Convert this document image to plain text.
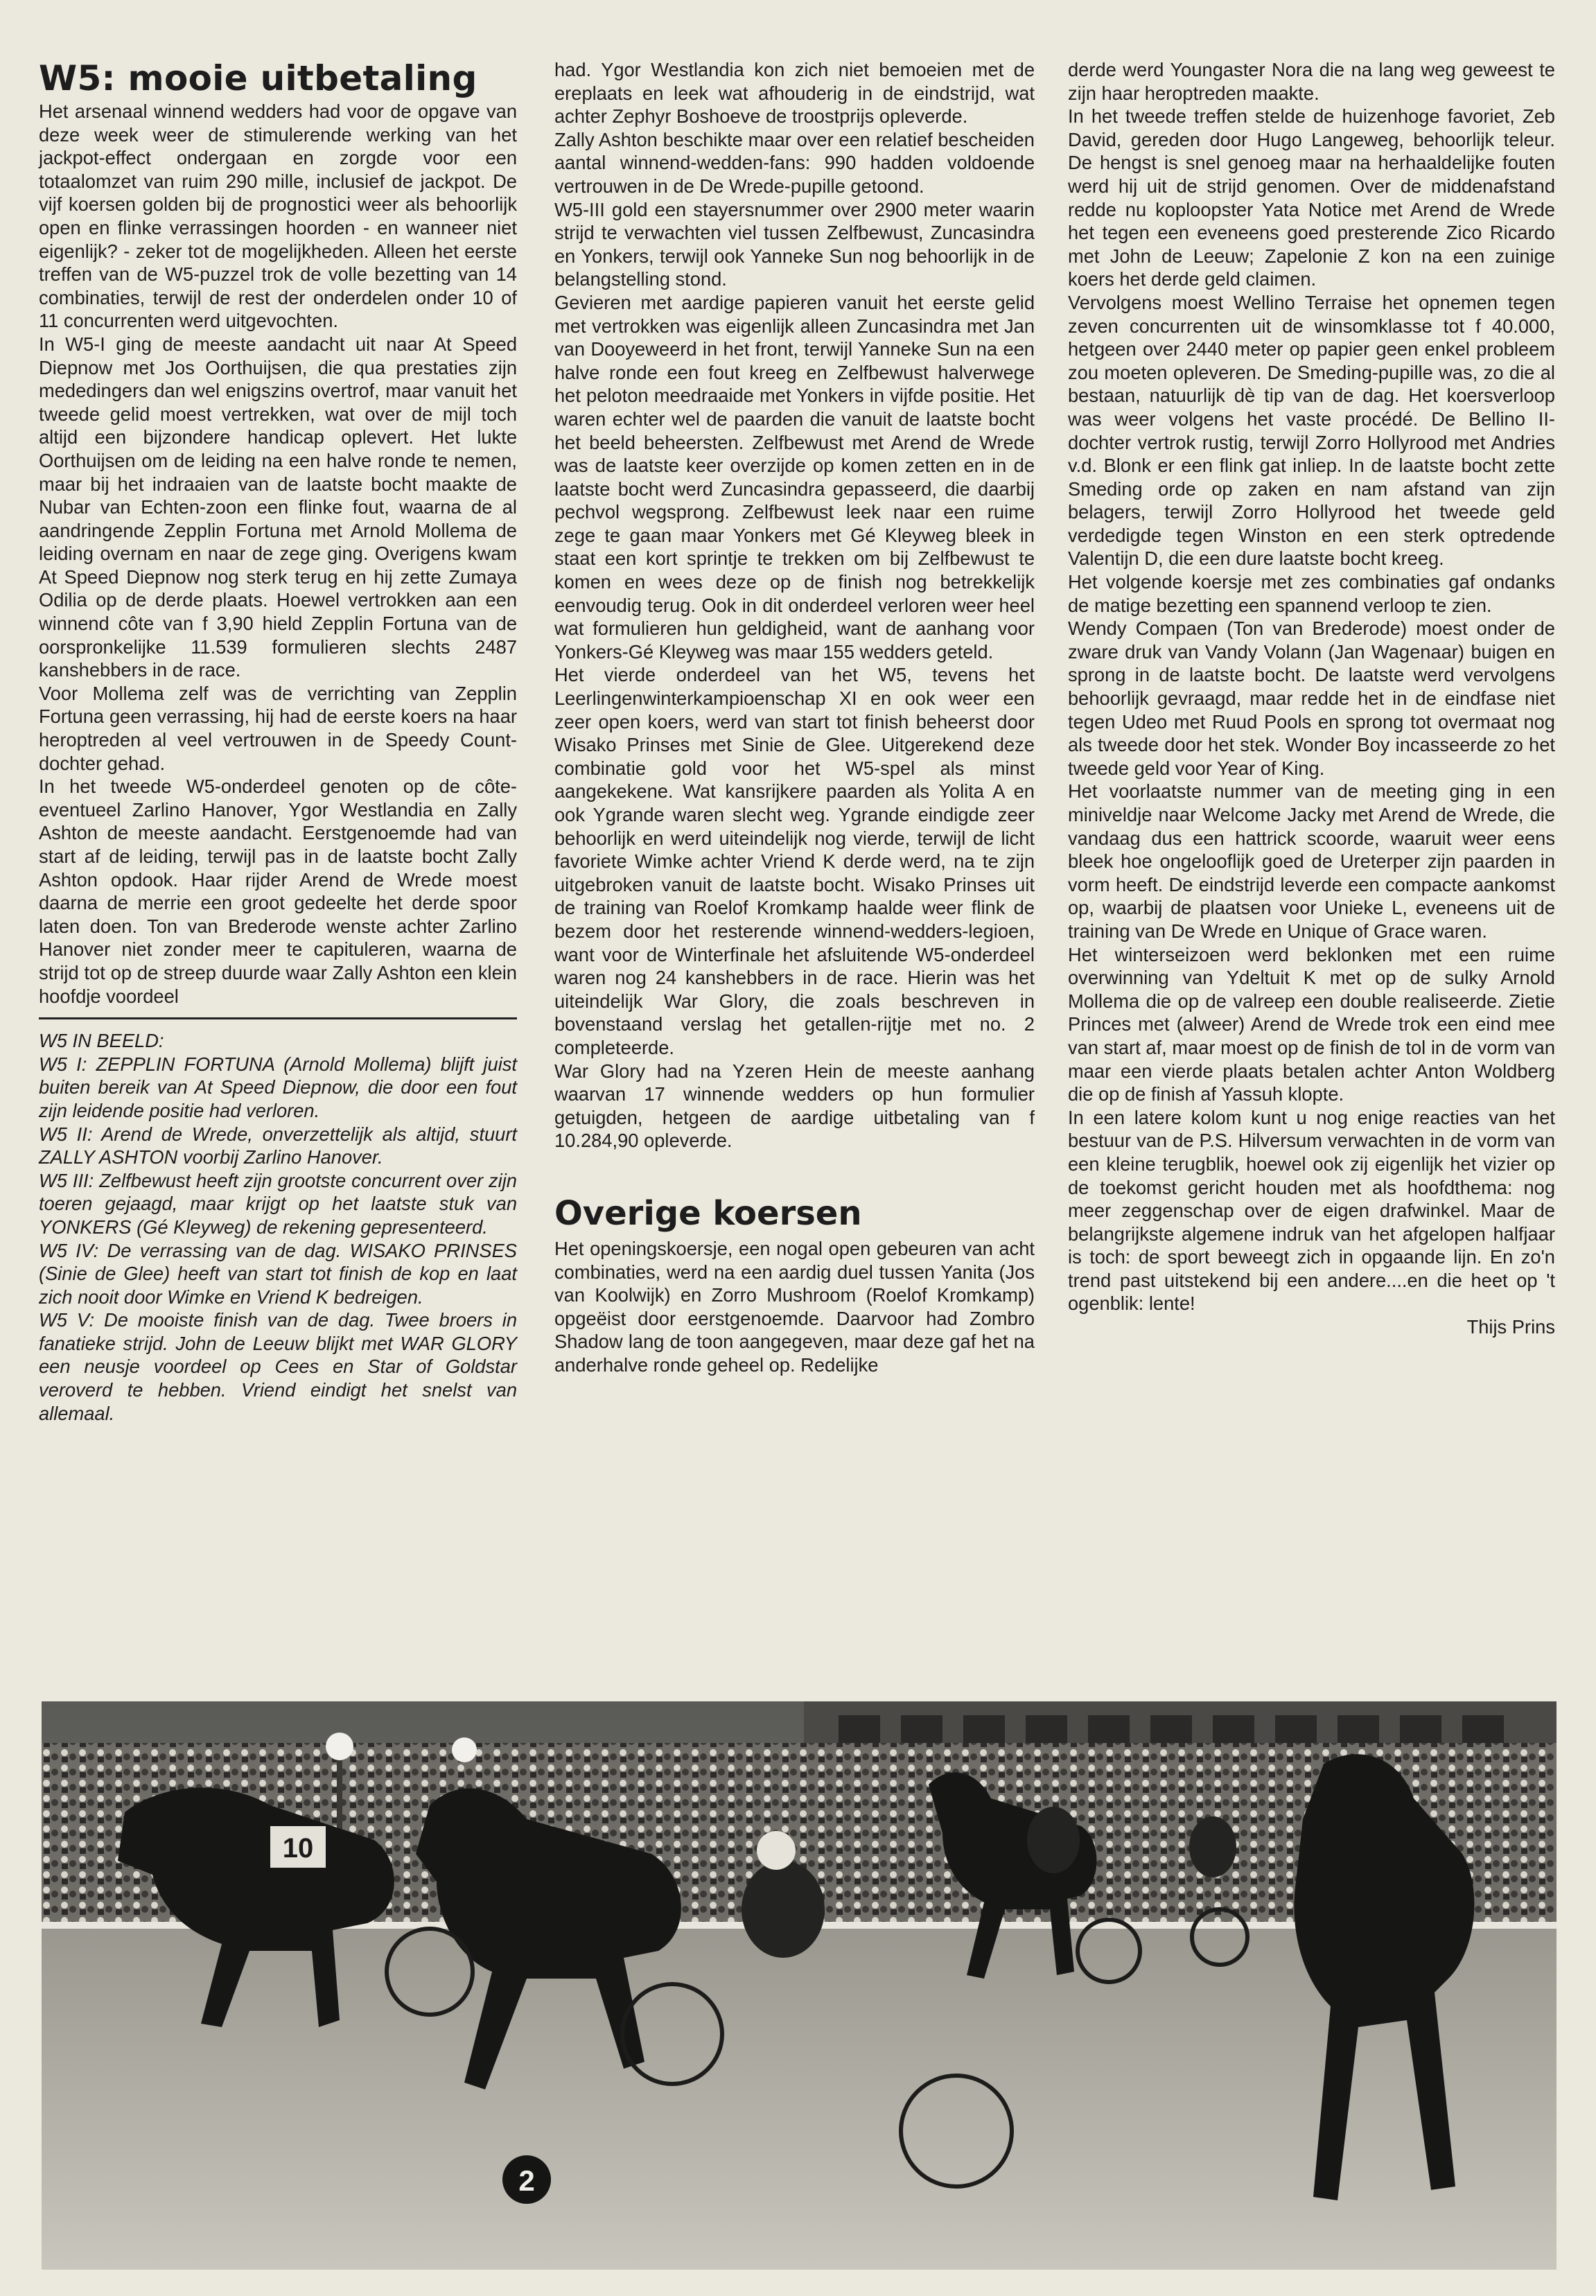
W5: mooie uitbetaling

Het arsenaal winnend wedders had voor de opgave van deze week weer de stimulerende werking van het jackpot-effect ondergaan en zorgde voor een totaalomzet van ruim 290 mille, inclusief de jackpot. De vijf koersen golden bij de prognostici weer als behoorlijk open en flinke verrassingen hoorden - en wanneer niet eigenlijk? - zeker tot de mogelijkheden. Alleen het eerste treffen van de W5-puzzel trok de volle bezetting van 14 combinaties, terwijl de rest der onderdelen onder 10 of 11 concurrenten werd uitgevochten.

In W5-I ging de meeste aandacht uit naar At Speed Diepnow met Jos Oorthuijsen, die qua prestaties zijn mededingers dan wel enigszins overtrof, maar vanuit het tweede gelid moest vertrekken, wat over de mijl toch altijd een bijzondere handicap oplevert. Het lukte Oorthuijsen om de leiding na een halve ronde te nemen, maar bij het indraaien van de laatste bocht maakte de Nubar van Echten-zoon een flinke fout, waarna de al aandringende Zepplin Fortuna met Arnold Mollema de leiding overnam en naar de zege ging. Overigens kwam At Speed Diepnow nog sterk terug en hij zette Zumaya Odilia op de derde plaats. Hoewel vertrokken aan een winnend côte van f 3,90 hield Zepplin Fortuna van de oorspronkelijke 11.539 formulieren slechts 2487 kanshebbers in de race.

Voor Mollema zelf was de verrichting van Zepplin Fortuna geen verrassing, hij had de eerste koers na haar heroptreden al veel vertrouwen in de Speedy Count-dochter gehad.

In het tweede W5-onderdeel genoten op de côte-eventueel Zarlino Hanover, Ygor Westlandia en Zally Ashton de meeste aandacht. Eerstgenoemde had van start af de leiding, terwijl pas in de laatste bocht Zally Ashton opdook. Haar rijder Arend de Wrede moest daarna de merrie een groot gedeelte het derde spoor laten doen. Ton van Brederode wenste achter Zarlino Hanover niet zonder meer te capituleren, waarna de strijd tot op de streep duurde waar Zally Ashton een klein hoofdje voordeel

W5 IN BEELD:

W5 I: ZEPPLIN FORTUNA (Arnold Mollema) blijft juist buiten bereik van At Speed Diepnow, die door een fout zijn leidende positie had verloren.

W5 II: Arend de Wrede, onverzettelijk als altijd, stuurt ZALLY ASHTON voorbij Zarlino Hanover.

W5 III: Zelfbewust heeft zijn grootste concurrent over zijn toeren gejaagd, maar krijgt op het laatste stuk van YONKERS (Gé Kleyweg) de rekening gepresenteerd.

W5 IV: De verrassing van de dag. WISAKO PRINSES (Sinie de Glee) heeft van start tot finish de kop en laat zich nooit door Wimke en Vriend K bedreigen.

W5 V: De mooiste finish van de dag. Twee broers in fanatieke strijd. John de Leeuw blijkt met WAR GLORY een neusje voordeel op Cees en Star of Goldstar veroverd te hebben. Vriend eindigt het snelst van allemaal.

had. Ygor Westlandia kon zich niet bemoeien met de ereplaats en leek wat afhouderig in de eindstrijd, wat achter Zephyr Boshoeve de troostprijs opleverde.

Zally Ashton beschikte maar over een relatief bescheiden aantal winnend-wedden-fans: 990 hadden voldoende vertrouwen in de De Wrede-pupille getoond.

W5-III gold een stayersnummer over 2900 meter waarin strijd te verwachten viel tussen Zelfbewust, Zuncasindra en Yonkers, terwijl ook Yanneke Sun nog behoorlijk in de belangstelling stond.

Gevieren met aardige papieren vanuit het eerste gelid met vertrokken was eigenlijk alleen Zuncasindra met Jan van Dooyeweerd in het front, terwijl Yanneke Sun na een halve ronde een fout kreeg en Zelfbewust halverwege het peloton meedraaide met Yonkers in vijfde positie. Het waren echter wel de paarden die vanuit de laatste bocht het beeld beheersten. Zelfbewust met Arend de Wrede was de laatste keer overzijde op komen zetten en in de laatste bocht werd Zuncasindra gepasseerd, die daarbij pechvol wegsprong. Zelfbewust leek naar een ruime zege te gaan maar Yonkers met Gé Kleyweg bleek in staat een kort sprintje te trekken om bij Zelfbewust te komen en wees deze op de finish nog betrekkelijk eenvoudig terug. Ook in dit onderdeel verloren weer heel wat formulieren hun geldigheid, want de aanhang voor Yonkers-Gé Kleyweg was maar 155 wedders geteld.

Het vierde onderdeel van het W5, tevens het Leerlingenwinterkampioenschap XI en ook weer een zeer open koers, werd van start tot finish beheerst door Wisako Prinses met Sinie de Glee. Uitgerekend deze combinatie gold voor het W5-spel als minst aangekekene. Wat kansrijkere paarden als Yolita A en ook Ygrande waren slecht weg. Ygrande eindigde zeer behoorlijk en werd uiteindelijk nog vierde, terwijl de licht favoriete Wimke achter Vriend K derde werd, na te zijn uitgebroken vanuit de laatste bocht. Wisako Prinses uit de training van Roelof Kromkamp haalde weer flink de bezem door het resterende winnend-wedders-legioen, want voor de Winterfinale het afsluitende W5-onderdeel waren nog 24 kanshebbers in de race. Hierin was het uiteindelijk War Glory, die zoals beschreven in bovenstaand verslag het getallen-rijtje met no. 2 completeerde.

War Glory had na Yzeren Hein de meeste aanhang waarvan 17 winnende wedders op hun formulier getuigden, hetgeen de aardige uitbetaling van f 10.284,90 opleverde.

Overige koersen

Het openingskoersje, een nogal open gebeuren van acht combinaties, werd na een aardig duel tussen Yanita (Jos van Koolwijk) en Zorro Mushroom (Roelof Kromkamp) opgeëist door eerstgenoemde. Daarvoor had Zombro Shadow lang de toon aangegeven, maar deze gaf het na anderhalve ronde geheel op. Redelijke

derde werd Youngaster Nora die na lang weg geweest te zijn haar heroptreden maakte.

In het tweede treffen stelde de huizenhoge favoriet, Zeb David, gereden door Hugo Langeweg, behoorlijk teleur. De hengst is snel genoeg maar na herhaaldelijke fouten werd hij uit de strijd genomen. Over de middenafstand redde nu koploopster Yata Notice met Arend de Wrede het tegen een eveneens goed presterende Zico Ricardo met John de Leeuw; Zapelonie Z kon na een zuinige koers het derde geld claimen.

Vervolgens moest Wellino Terraise het opnemen tegen zeven concurrenten uit de winsomklasse tot f 40.000, hetgeen over 2440 meter op papier geen enkel probleem zou moeten opleveren. De Smeding-pupille was, zo die al bestaan, natuurlijk dè tip van de dag. Het koersverloop was weer volgens het vaste procédé. De Bellino II-dochter vertrok rustig, terwijl Zorro Hollyrood met Andries v.d. Blonk er een flink gat inliep. In de laatste bocht zette Smeding orde op zaken en nam afstand van zijn belagers, terwijl Zorro Hollyrood het tweede geld verdedigde tegen Winston en een sterk optredende Valentijn D, die een dure laatste bocht kreeg.

Het volgende koersje met zes combinaties gaf ondanks de matige bezetting een spannend verloop te zien.

Wendy Compaen (Ton van Brederode) moest onder de zware druk van Vandy Volann (Jan Wagenaar) buigen en sprong in de laatste bocht. De laatste werd vervolgens behoorlijk gevraagd, maar redde het in de eindfase niet tegen Udeo met Ruud Pools en sprong tot overmaat nog als tweede door het stek. Wonder Boy incasseerde zo het tweede geld voor Year of King.

Het voorlaatste nummer van de meeting ging in een miniveldje naar Welcome Jacky met Arend de Wrede, die vandaag dus een hattrick scoorde, waaruit weer eens bleek hoe ongelooflijk goed de Ureterper zijn paarden in vorm heeft. De eindstrijd leverde een compacte aankomst op, waarbij de plaatsen voor Unieke L, eveneens uit de training van De Wrede en Unique of Grace waren.

Het winterseizoen werd beklonken met een ruime overwinning van Ydeltuit K met op de sulky Arnold Mollema die op de valreep een double realiseerde. Zietie Princes met (alweer) Arend de Wrede trok een eind mee van start af, maar moest op de finish de tol in de vorm van maar een vierde plaats betalen achter Anton Woldberg die op de finish af Yassuh klopte.

In een latere kolom kunt u nog enige reacties van het bestuur van de P.S. Hilversum verwachten in de vorm van een kleine terugblik, hoewel ook zij eigenlijk het vizier op de toekomst gericht houden met als hoofdthema: nog meer zeggenschap over de eigen drafwinkel. Maar de belangrijkste algemene indruk van het afgelopen halfjaar is toch: de sport beweegt zich in opgaande lijn. En zo'n trend past uitstekend bij een andere....en die heet op 't ogenblik: lente!

Thijs Prins

10
2
